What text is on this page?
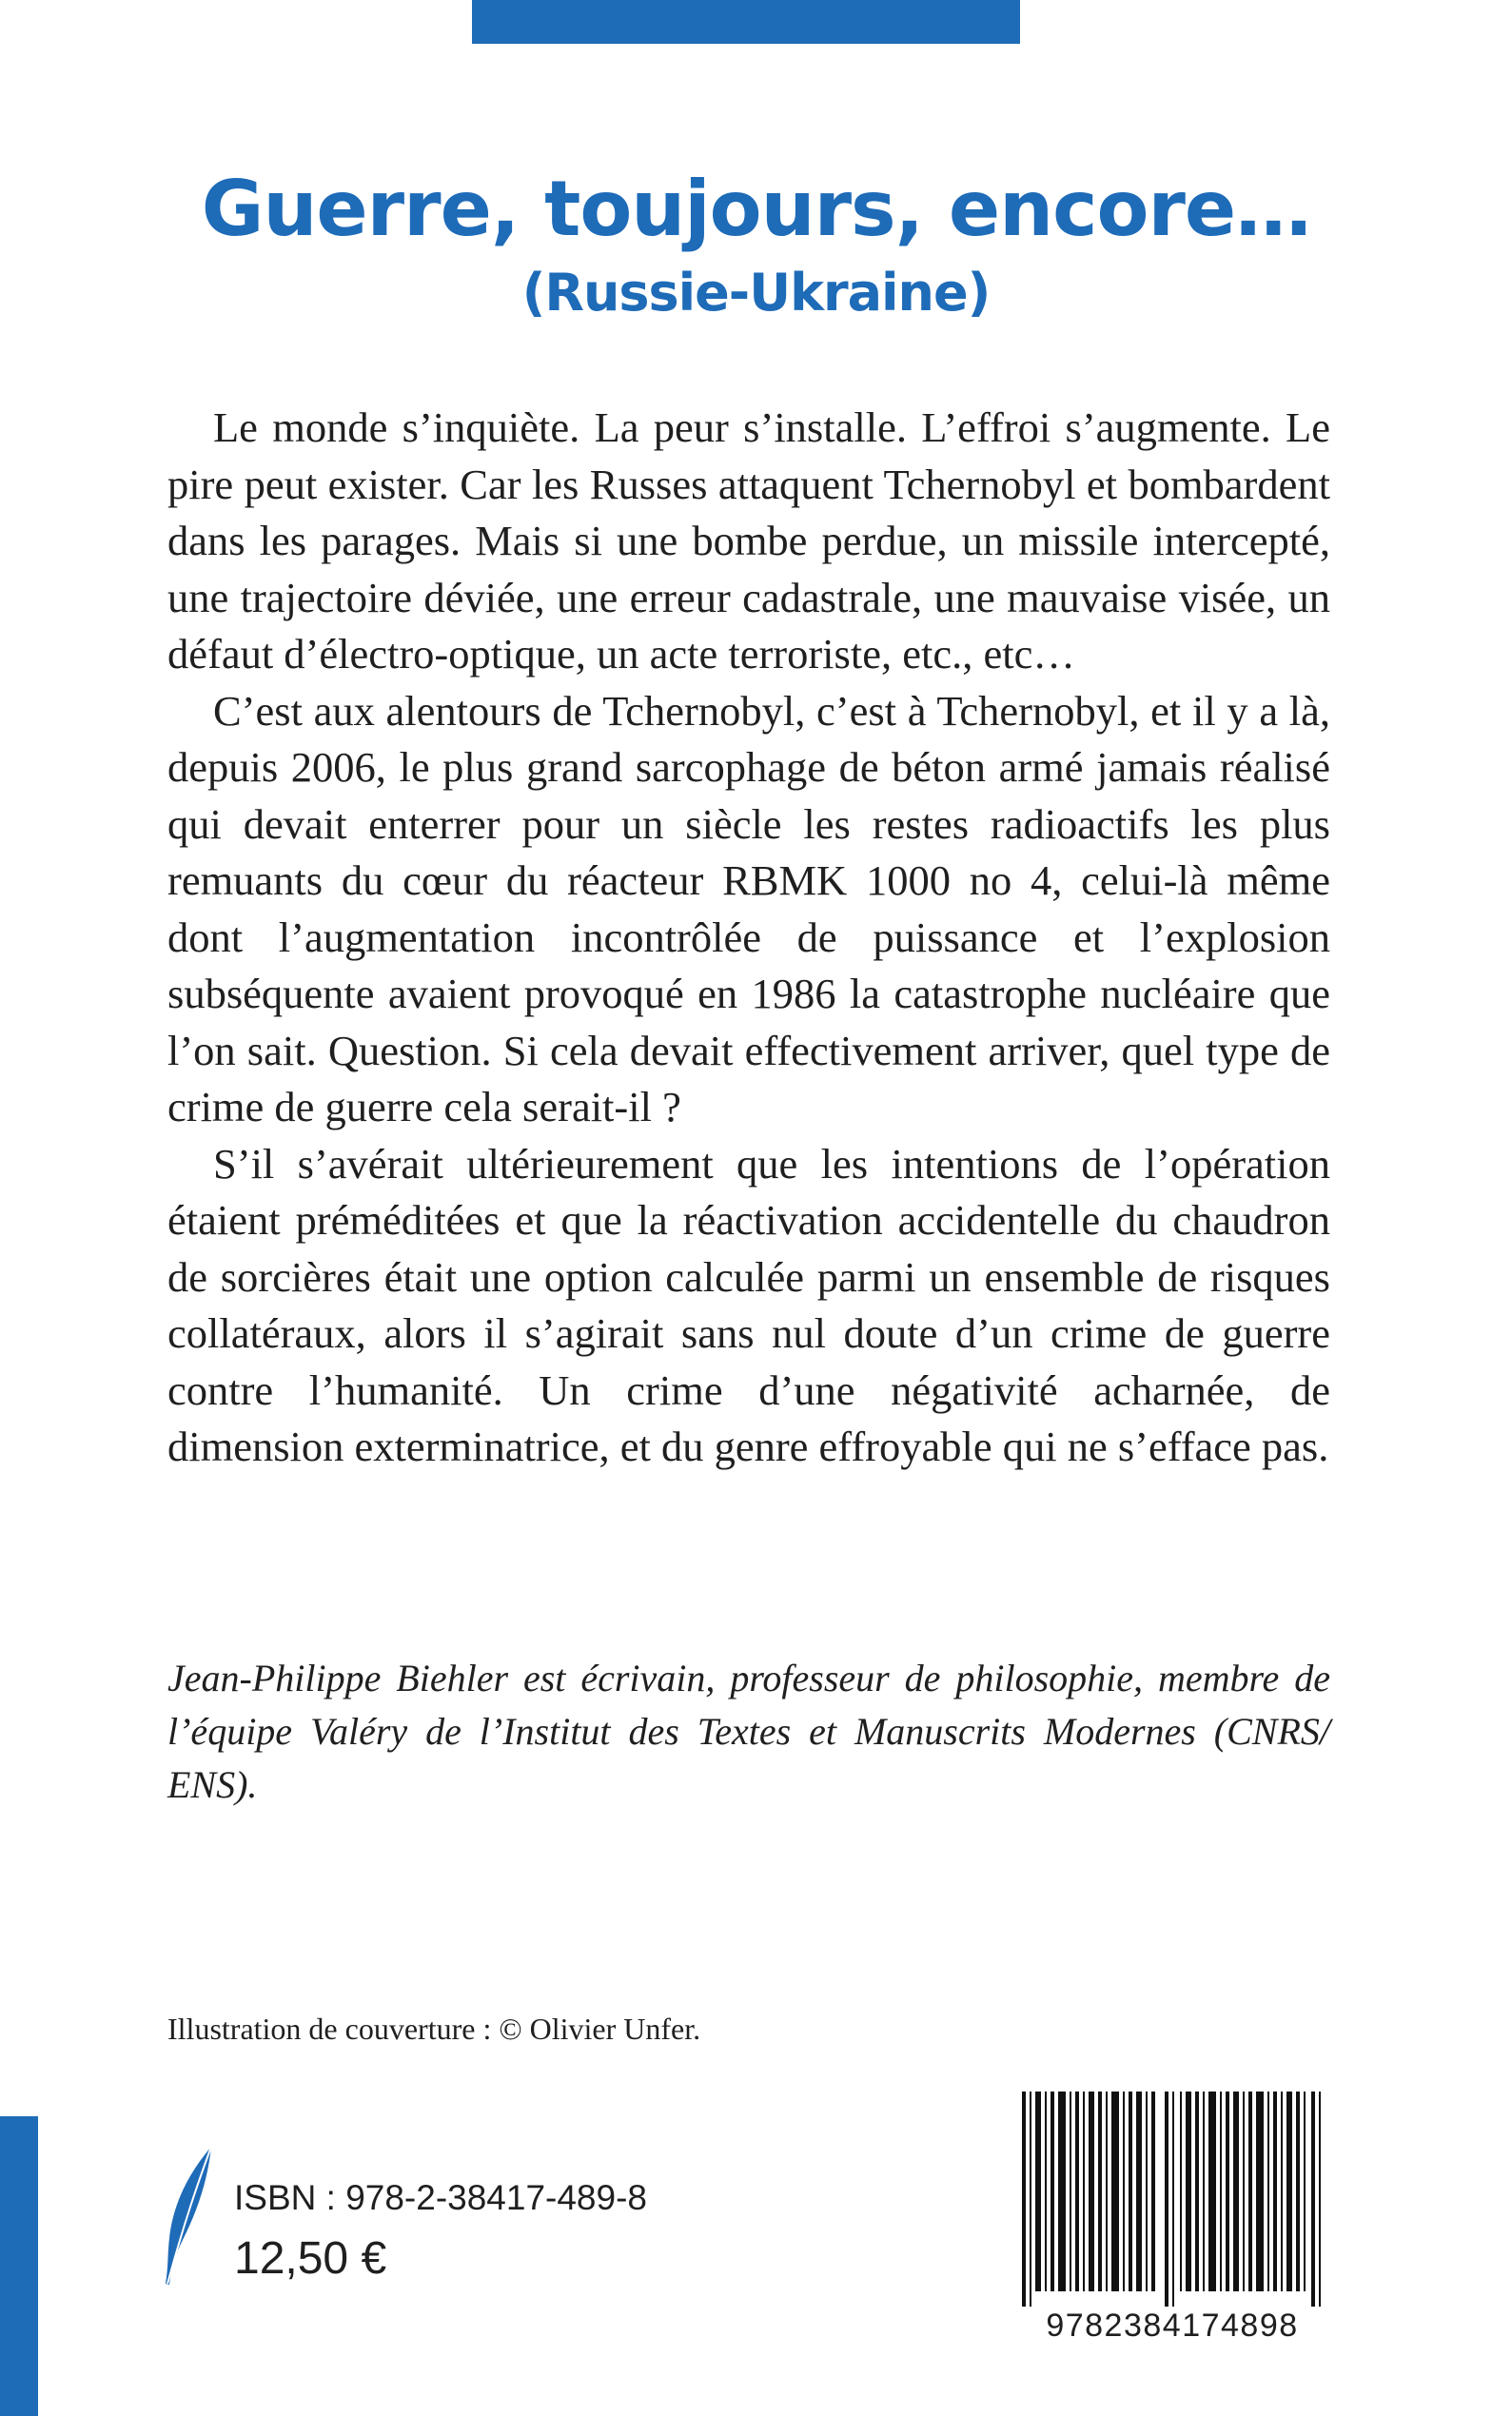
Guerre, toujours, encore…
(Russie-Ukraine)

Le monde s’inquiète. La peur s’installe. L’effroi s’augmente. Le pire peut exister. Car les Russes attaquent Tchernobyl et bombardent dans les parages. Mais si une bombe perdue, un missile intercepté, une trajectoire déviée, une erreur cadastrale, une mauvaise visée, un défaut d’électro-optique, un acte terroriste, etc., etc…

C’est aux alentours de Tchernobyl, c’est à Tchernobyl, et il y a là, depuis 2006, le plus grand sarcophage de béton armé jamais réalisé qui devait enterrer pour un siècle les restes radioactifs les plus remuants du cœur du réacteur RBMK 1000 no 4, celui-là même dont l’augmentation incontrôlée de puissance et l’explosion subséquente avaient provoqué en 1986 la catastrophe nucléaire que l’on sait. Question. Si cela devait effectivement arriver, quel type de crime de guerre cela serait-il ?

S’il s’avérait ultérieurement que les intentions de l’opération étaient préméditées et que la réactivation accidentelle du chaudron de sorcières était une option calculée parmi un ensemble de risques collatéraux, alors il s’agirait sans nul doute d’un crime de guerre contre l’humanité. Un crime d’une négativité acharnée, de dimension exterminatrice, et du genre effroyable qui ne s’efface pas.

Jean-Philippe Biehler est écrivain, professeur de philosophie, membre de l’équipe Valéry de l’Institut des Textes et Manuscrits Modernes (CNRS/ ENS).

Illustration de couverture : © Olivier Unfer.

ISBN : 978-2-38417-489-8
12,50 €
9782384174898
